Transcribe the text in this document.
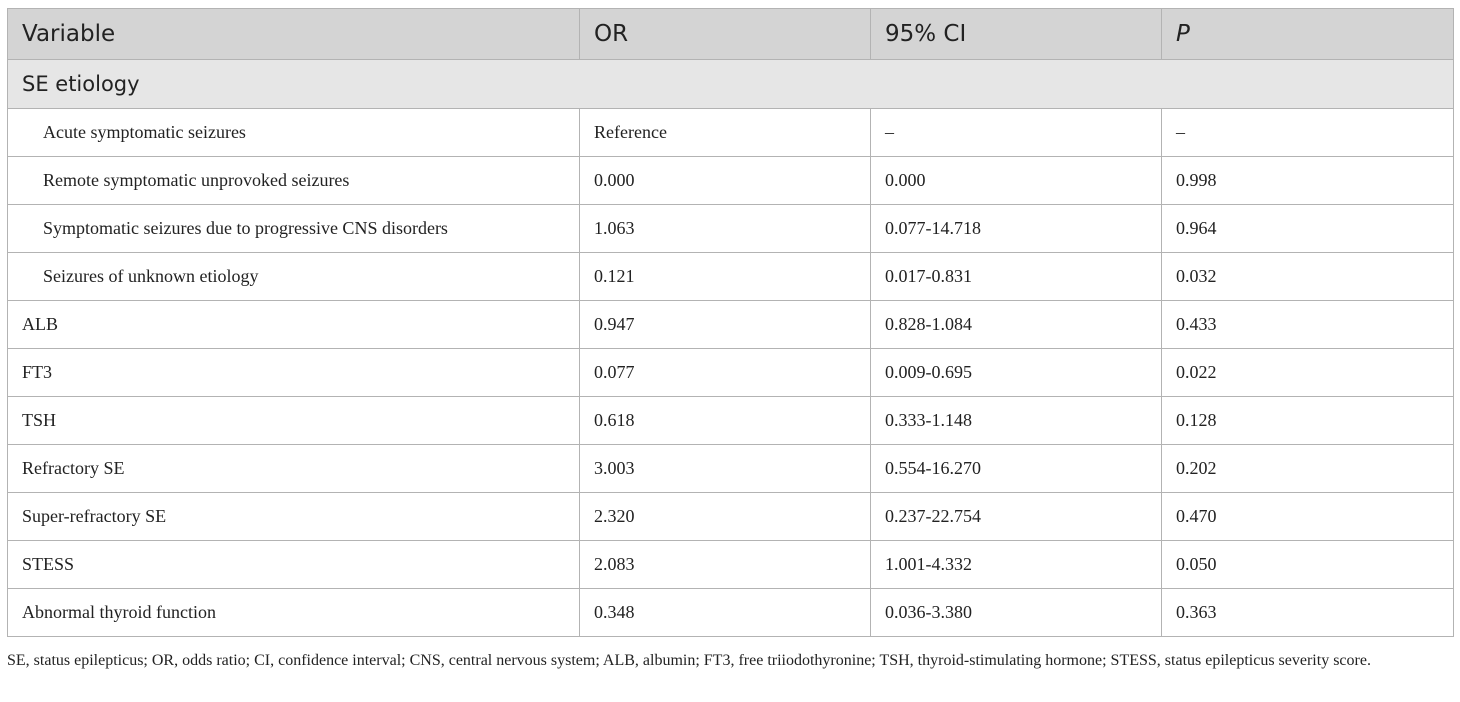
Variable	OR	95% CI	P
SE etiology			
Acute symptomatic seizures	Reference	–	–
Remote symptomatic unprovoked seizures	0.000	0.000	0.998
Symptomatic seizures due to progressive CNS disorders	1.063	0.077-14.718	0.964
Seizures of unknown etiology	0.121	0.017-0.831	0.032
ALB	0.947	0.828-1.084	0.433
FT3	0.077	0.009-0.695	0.022
TSH	0.618	0.333-1.148	0.128
Refractory SE	3.003	0.554-16.270	0.202
Super-refractory SE	2.320	0.237-22.754	0.470
STESS	2.083	1.001-4.332	0.050
Abnormal thyroid function	0.348	0.036-3.380	0.363
SE, status epilepticus; OR, odds ratio; CI, confidence interval; CNS, central nervous system; ALB, albumin; FT3, free triiodothyronine; TSH, thyroid-stimulating hormone; STESS, status epilepticus severity score.
